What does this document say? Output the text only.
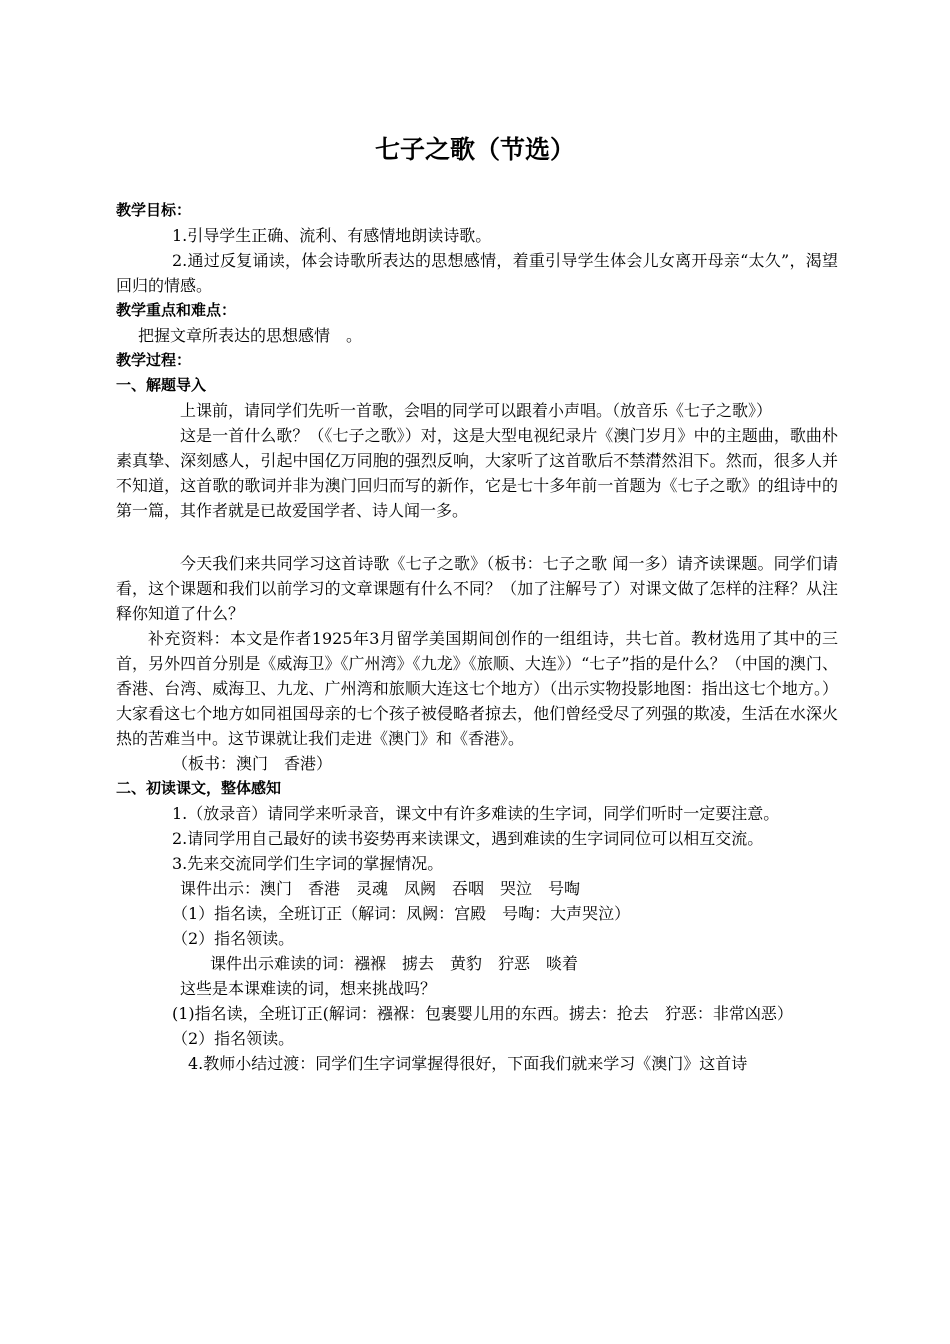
七子之歌（节选）

教学目标：

1.引导学生正确、流利、有感情地朗读诗歌。

2.通过反复诵读，体会诗歌所表达的思想感情，着重引导学生体会儿女离开母亲“太久”，渴望回归的情感。

教学重点和难点：

把握文章所表达的思想感情　。

教学过程：

一、解题导入

上课前，请同学们先听一首歌，会唱的同学可以跟着小声唱。（放音乐《七子之歌》）

这是一首什么歌？（《七子之歌》）对，这是大型电视纪录片《澳门岁月》中的主题曲，歌曲朴素真挚、深刻感人，引起中国亿万同胞的强烈反响，大家听了这首歌后不禁潸然泪下。然而，很多人并不知道，这首歌的歌词并非为澳门回归而写的新作，它是七十多年前一首题为《七子之歌》的组诗中的第一篇，其作者就是已故爱国学者、诗人闻一多。

今天我们来共同学习这首诗歌《七子之歌》（板书：七子之歌 闻一多）请齐读课题。同学们请看，这个课题和我们以前学习的文章课题有什么不同？（加了注解号了）对课文做了怎样的注释？从注释你知道了什么？

补充资料：本文是作者1925年3月留学美国期间创作的一组组诗，共七首。教材选用了其中的三首，另外四首分别是《威海卫》《广州湾》《九龙》《旅顺、大连》）“七子”指的是什么？（中国的澳门、香港、台湾、威海卫、九龙、广州湾和旅顺大连这七个地方）（出示实物投影地图：指出这七个地方。）大家看这七个地方如同祖国母亲的七个孩子被侵略者掠去，他们曾经受尽了列强的欺凌，生活在水深火热的苦难当中。这节课就让我们走进《澳门》和《香港》。

（板书：澳门　香港）

二、初读课文，整体感知

1.（放录音）请同学来听录音，课文中有许多难读的生字词，同学们听时一定要注意。

2.请同学用自己最好的读书姿势再来读课文，遇到难读的生字词同位可以相互交流。

3.先来交流同学们生字词的掌握情况。

课件出示：澳门　香港　灵魂　凤阙　吞咽　哭泣　号啕

（1）指名读，全班订正（解词：凤阙：宫殿　号啕：大声哭泣）

（2）指名领读。

课件出示难读的词：襁褓　掳去　黄豹　狞恶　啖着

这些是本课难读的词，想来挑战吗？

(1)指名读，全班订正(解词：襁褓：包裹婴儿用的东西。掳去：抢去　狞恶：非常凶恶）

（2）指名领读。

4.教师小结过渡：同学们生字词掌握得很好，下面我们就来学习《澳门》这首诗
